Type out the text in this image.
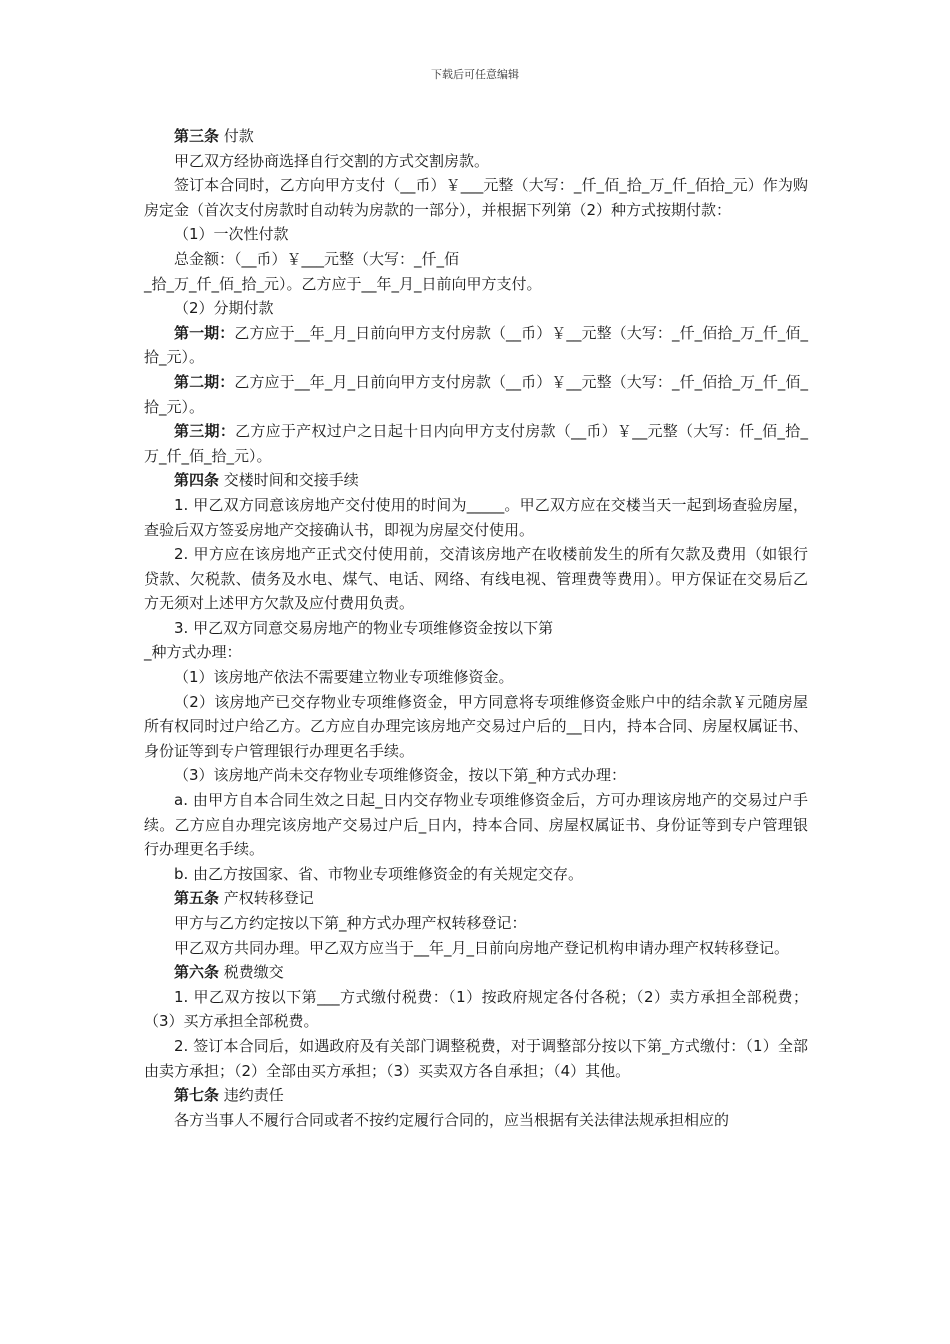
下载后可任意编辑

第三条 付款

甲乙双方经协商选择自行交割的方式交割房款。

签订本合同时，乙方向甲方支付（__币）￥___元整（大写：_仟_佰_拾_万_仟_佰拾_元）作为购房定金（首次支付房款时自动转为房款的一部分），并根据下列第（2）种方式按期付款：

（1）一次性付款

总金额：（__币）￥___元整（大写：_仟_佰

_拾_万_仟_佰_拾_元）。乙方应于__年_月_日前向甲方支付。

（2）分期付款

第一期：乙方应于__年_月_日前向甲方支付房款（__币）￥__元整（大写：_仟_佰拾_万_仟_佰_拾_元）。

第二期：乙方应于__年_月_日前向甲方支付房款（__币）￥__元整（大写：_仟_佰拾_万_仟_佰_拾_元）。

第三期：乙方应于产权过户之日起十日内向甲方支付房款（__币）￥__元整（大写：仟_佰_拾_万_仟_佰_拾_元）。

第四条 交楼时间和交接手续

1. 甲乙双方同意该房地产交付使用的时间为_____。甲乙双方应在交楼当天一起到场查验房屋，查验后双方签妥房地产交接确认书，即视为房屋交付使用。

2. 甲方应在该房地产正式交付使用前，交清该房地产在收楼前发生的所有欠款及费用（如银行贷款、欠税款、债务及水电、煤气、电话、网络、有线电视、管理费等费用）。甲方保证在交易后乙方无须对上述甲方欠款及应付费用负责。

3. 甲乙双方同意交易房地产的物业专项维修资金按以下第

_种方式办理：

（1）该房地产依法不需要建立物业专项维修资金。

（2）该房地产已交存物业专项维修资金，甲方同意将专项维修资金账户中的结余款￥元随房屋所有权同时过户给乙方。乙方应自办理完该房地产交易过户后的__日内，持本合同、房屋权属证书、身份证等到专户管理银行办理更名手续。

（3）该房地产尚未交存物业专项维修资金，按以下第_种方式办理：

a. 由甲方自本合同生效之日起_日内交存物业专项维修资金后，方可办理该房地产的交易过户手续。乙方应自办理完该房地产交易过户后_日内，持本合同、房屋权属证书、身份证等到专户管理银行办理更名手续。

b. 由乙方按国家、省、市物业专项维修资金的有关规定交存。

第五条 产权转移登记

甲方与乙方约定按以下第_种方式办理产权转移登记：

甲乙双方共同办理。甲乙双方应当于__年_月_日前向房地产登记机构申请办理产权转移登记。

第六条 税费缴交

1. 甲乙双方按以下第___方式缴付税费：（1）按政府规定各付各税；（2）卖方承担全部税费；（3）买方承担全部税费。

2. 签订本合同后，如遇政府及有关部门调整税费，对于调整部分按以下第_方式缴付：（1）全部由卖方承担；（2）全部由买方承担；（3）买卖双方各自承担；（4）其他。

第七条 违约责任

各方当事人不履行合同或者不按约定履行合同的，应当根据有关法律法规承担相应的
